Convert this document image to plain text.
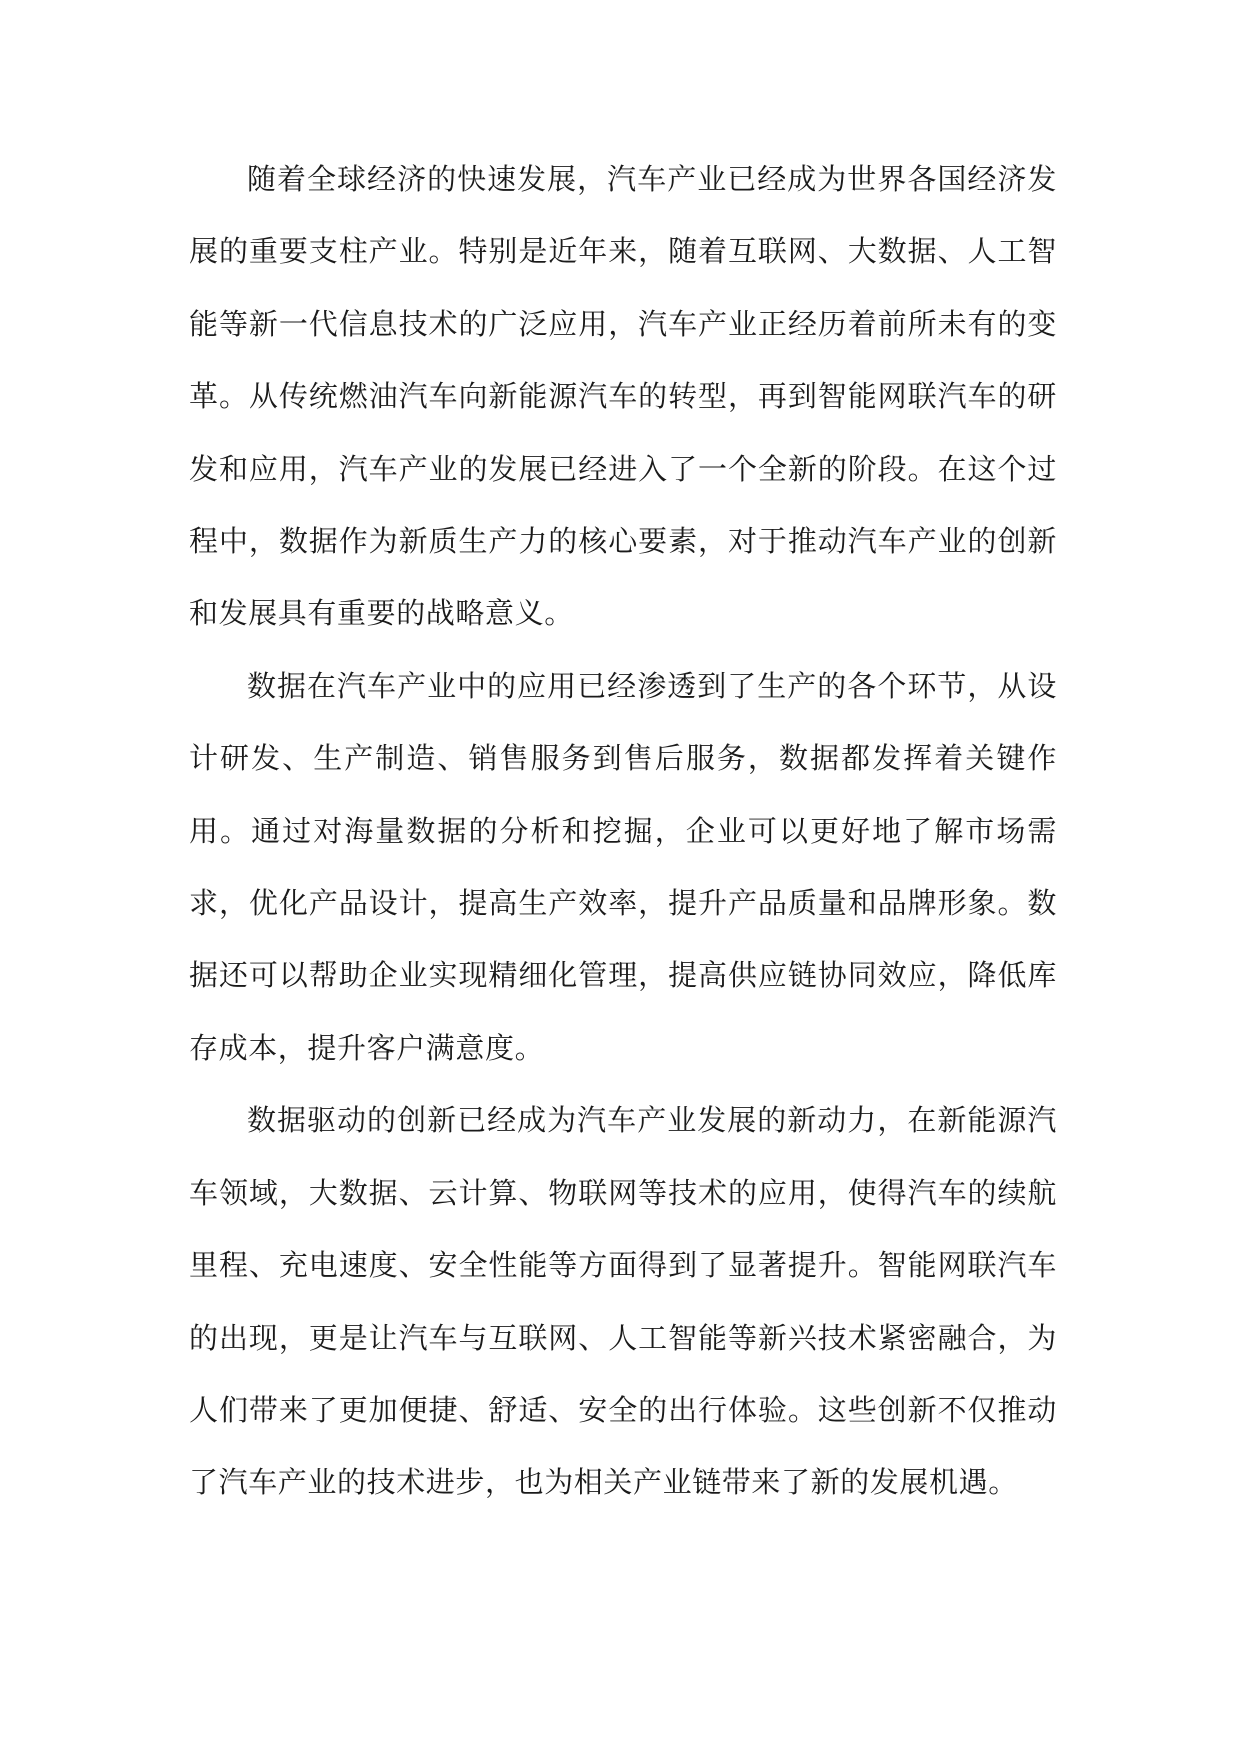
随着全球经济的快速发展，汽车产业已经成为世界各国经济发展的重要支柱产业。特别是近年来，随着互联网、大数据、人工智能等新一代信息技术的广泛应用，汽车产业正经历着前所未有的变革。从传统燃油汽车向新能源汽车的转型，再到智能网联汽车的研发和应用，汽车产业的发展已经进入了一个全新的阶段。在这个过程中，数据作为新质生产力的核心要素，对于推动汽车产业的创新和发展具有重要的战略意义。

数据在汽车产业中的应用已经渗透到了生产的各个环节，从设计研发、生产制造、销售服务到售后服务，数据都发挥着关键作用。通过对海量数据的分析和挖掘，企业可以更好地了解市场需求，优化产品设计，提高生产效率，提升产品质量和品牌形象。数据还可以帮助企业实现精细化管理，提高供应链协同效应，降低库存成本，提升客户满意度。

数据驱动的创新已经成为汽车产业发展的新动力，在新能源汽车领域，大数据、云计算、物联网等技术的应用，使得汽车的续航里程、充电速度、安全性能等方面得到了显著提升。智能网联汽车的出现，更是让汽车与互联网、人工智能等新兴技术紧密融合，为人们带来了更加便捷、舒适、安全的出行体验。这些创新不仅推动了汽车产业的技术进步，也为相关产业链带来了新的发展机遇。
